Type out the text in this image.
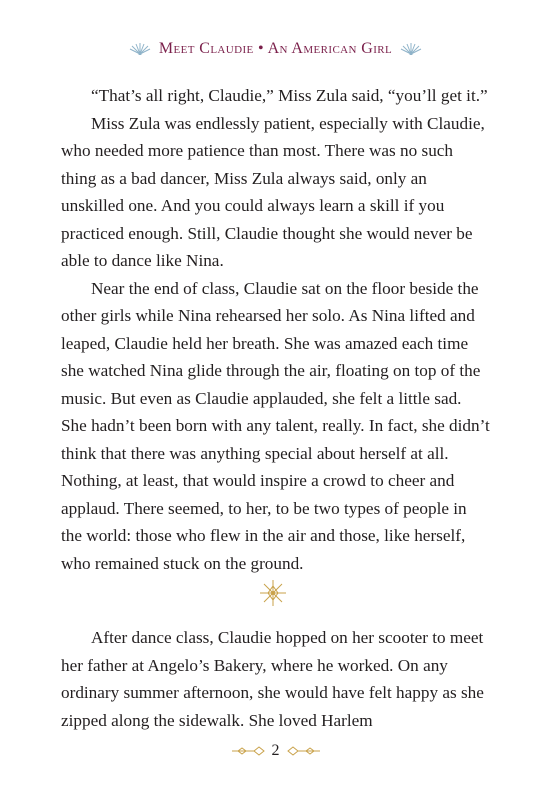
Meet Claudie • An American Girl

“That’s all right, Claudie,” Miss Zula said, “you’ll get it.”

Miss Zula was endlessly patient, especially with Claudie, who needed more patience than most. There was no such thing as a bad dancer, Miss Zula always said, only an unskilled one. And you could always learn a skill if you practiced enough. Still, Claudie thought she would never be able to dance like Nina.

Near the end of class, Claudie sat on the floor beside the other girls while Nina rehearsed her solo. As Nina lifted and leaped, Claudie held her breath. She was amazed each time she watched Nina glide through the air, floating on top of the music. But even as Claudie applauded, she felt a little sad. She hadn’t been born with any talent, really. In fact, she didn’t think that there was anything special about herself at all. Nothing, at least, that would inspire a crowd to cheer and applaud. There seemed, to her, to be two types of people in the world: those who flew in the air and those, like herself, who remained stuck on the ground.

After dance class, Claudie hopped on her scooter to meet her father at Angelo’s Bakery, where he worked. On any ordinary summer afternoon, she would have felt happy as she zipped along the sidewalk. She loved Harlem

2
